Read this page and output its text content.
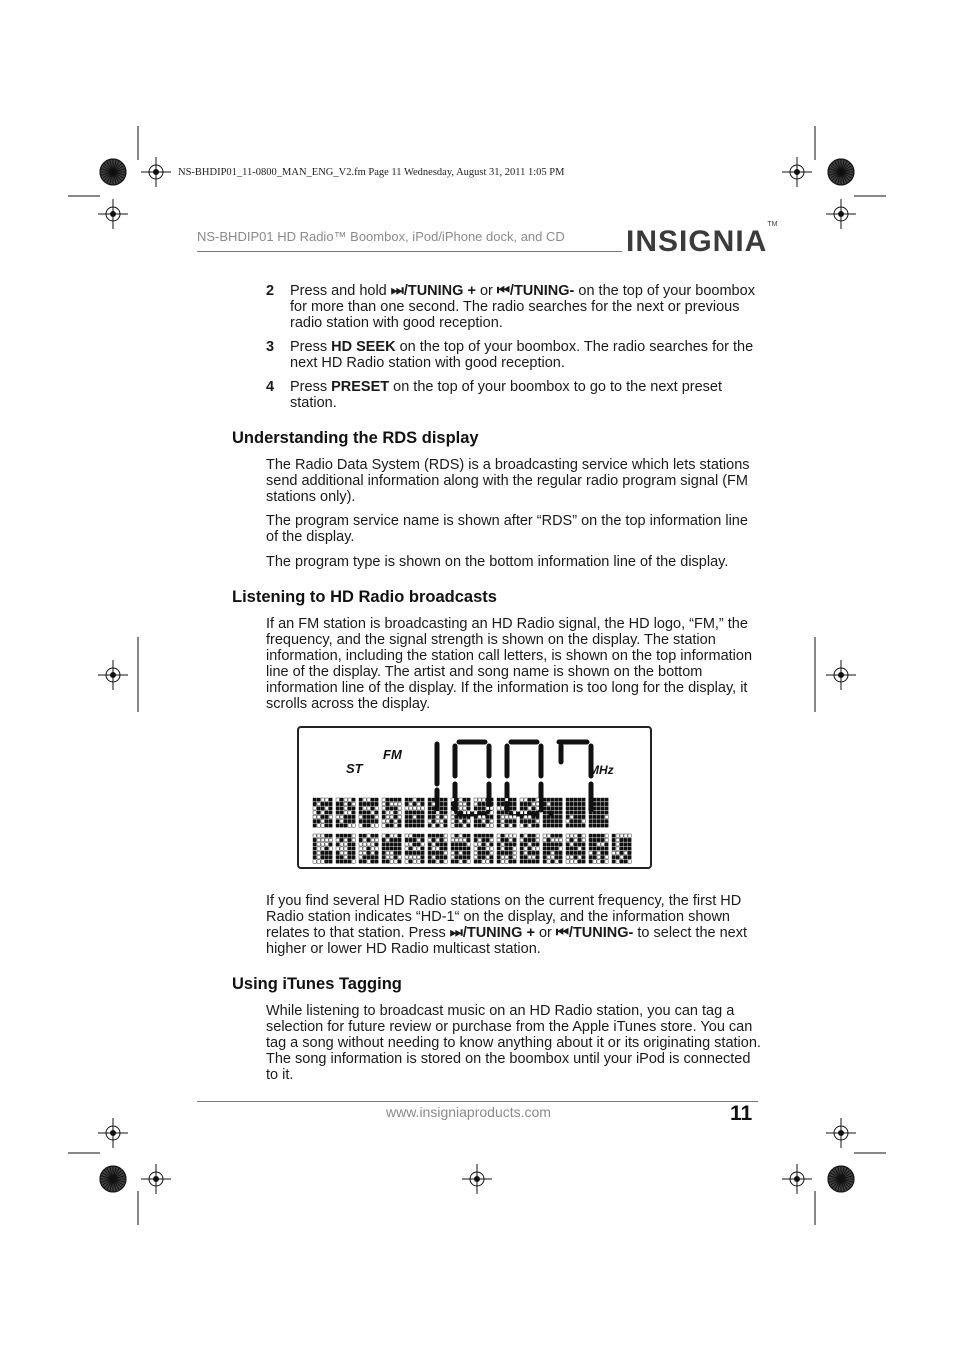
NS-BHDIP01_11-0800_MAN_ENG_V2.fm Page 11 Wednesday, August 31, 2011 1:05 PM
NS-BHDIP01 HD Radio™ Boombox, iPod/iPhone dock, and CD INSIGNIA™
2 Press and hold ⏭/TUNING + or ⏮/TUNING- on the top of your boombox for more than one second. The radio searches for the next or previous radio station with good reception.
3 Press HD SEEK on the top of your boombox. The radio searches for the next HD Radio station with good reception.
4 Press PRESET on the top of your boombox to go to the next preset station.
Understanding the RDS display

The Radio Data System (RDS) is a broadcasting service which lets stations send additional information along with the regular radio program signal (FM stations only).

The program service name is shown after “RDS” on the top information line of the display.

The program type is shown on the bottom information line of the display.

Listening to HD Radio broadcasts

If an FM station is broadcasting an HD Radio signal, the HD logo, “FM,” the frequency, and the signal strength is shown on the display. The station information, including the station call letters, is shown on the top information line of the display. The artist and song name is shown on the bottom information line of the display. If the information is too long for the display, it scrolls across the display.

ST
FM
MHz
100.7

If you find several HD Radio stations on the current frequency, the first HD Radio station indicates “HD-1“ on the display, and the information shown relates to that station. Press ⏭/TUNING + or ⏮/TUNING- to select the next higher or lower HD Radio multicast station.

Using iTunes Tagging

While listening to broadcast music on an HD Radio station, you can tag a selection for future review or purchase from the Apple iTunes store. You can tag a song without needing to know anything about it or its originating station. The song information is stored on the boombox until your iPod is connected to it.

www.insigniaproducts.com	11
